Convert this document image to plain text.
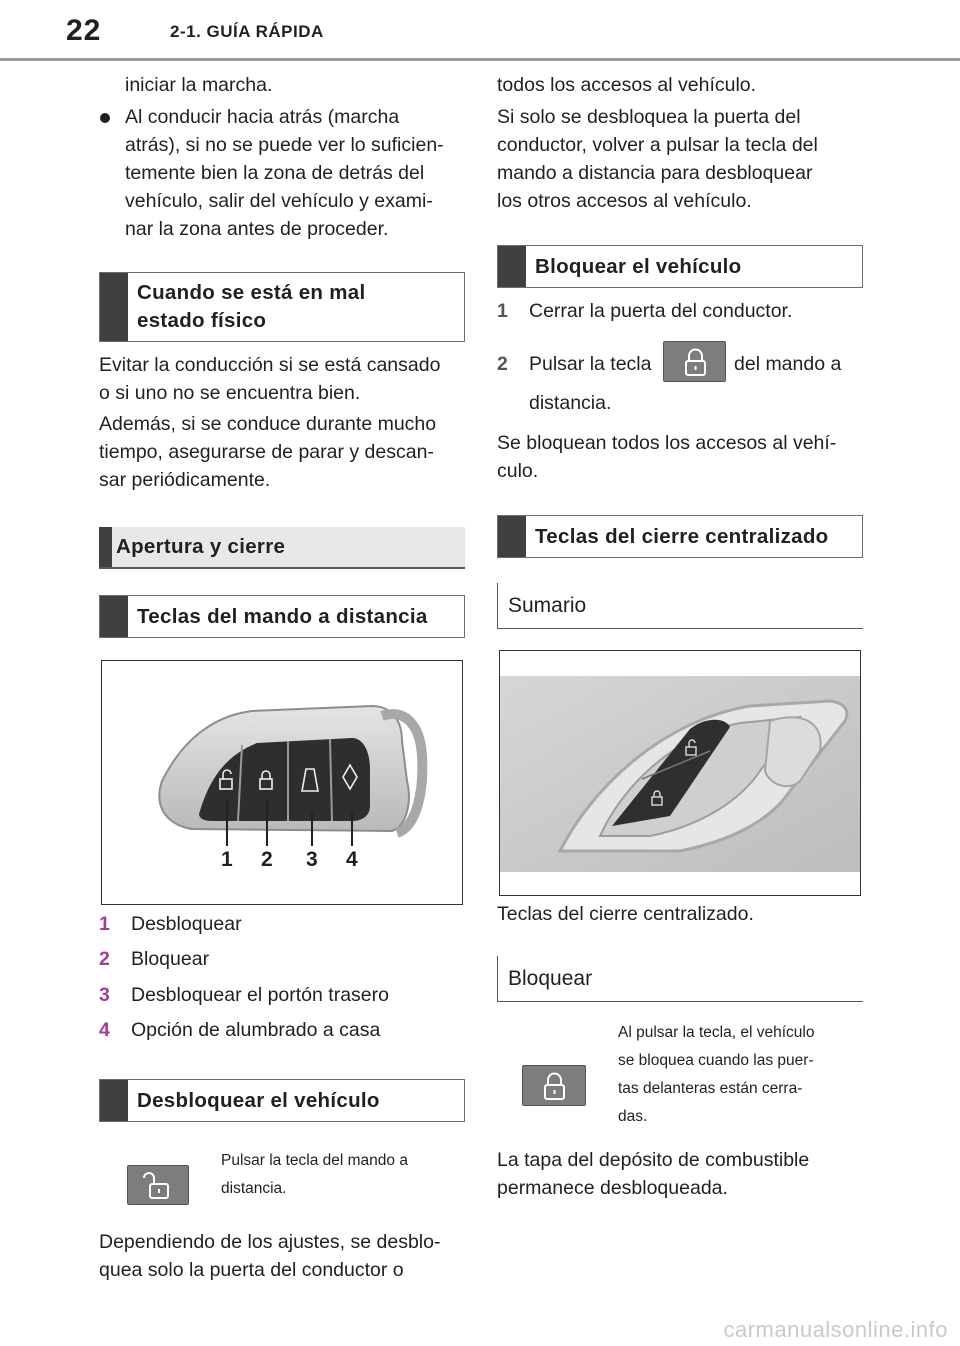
22	2-1. GUÍA RÁPIDA
iniciar la marcha.
Al conducir hacia atrás (marcha
atrás), si no se puede ver lo suficien-
temente bien la zona de detrás del
vehículo, salir del vehículo y exami-
nar la zona antes de proceder.
Cuando se está en mal
estado físico
Evitar la conducción si se está cansado
o si uno no se encuentra bien.
Además, si se conduce durante mucho
tiempo, asegurarse de parar y descan-
sar periódicamente.
Apertura y cierre
Teclas del mando a distancia
1 2 3 4
1 Desbloquear
2 Bloquear
3 Desbloquear el portón trasero
4 Opción de alumbrado a casa
Desbloquear el vehículo
Pulsar la tecla del mando a
distancia.
Dependiendo de los ajustes, se desblo-
quea solo la puerta del conductor o
todos los accesos al vehículo.
Si solo se desbloquea la puerta del
conductor, volver a pulsar la tecla del
mando a distancia para desbloquear
los otros accesos al vehículo.
Bloquear el vehículo
1 Cerrar la puerta del conductor.
2 Pulsar la tecla	del mando a
distancia.
Se bloquean todos los accesos al vehí-
culo.
Teclas del cierre centralizado
Sumario
Teclas del cierre centralizado.
Bloquear
Al pulsar la tecla, el vehículo
se bloquea cuando las puer-
tas delanteras están cerra-
das.
La tapa del depósito de combustible
permanece desbloqueada.
carmanualsonline.info
